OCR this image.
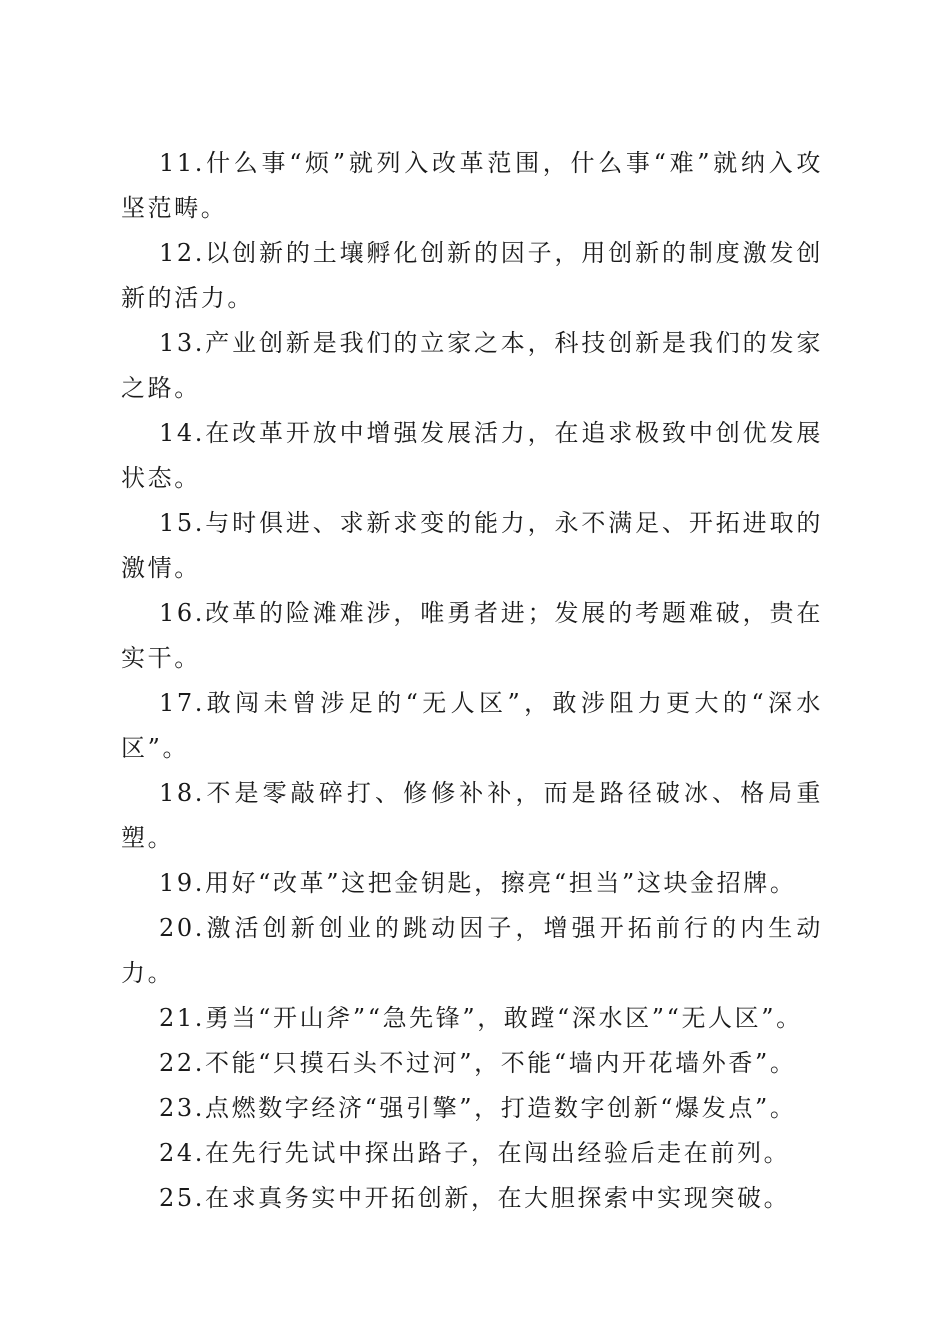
11.什么事“烦”就列入改革范围，什么事“难”就纳入攻坚范畴。

12.以创新的土壤孵化创新的因子，用创新的制度激发创新的活力。

13.产业创新是我们的立家之本，科技创新是我们的发家之路。

14.在改革开放中增强发展活力，在追求极致中创优发展状态。

15.与时俱进、求新求变的能力，永不满足、开拓进取的激情。

16.改革的险滩难涉，唯勇者进；发展的考题难破，贵在实干。

17.敢闯未曾涉足的“无人区”，敢涉阻力更大的“深水区”。

18.不是零敲碎打、修修补补，而是路径破冰、格局重塑。

19.用好“改革”这把金钥匙，擦亮“担当”这块金招牌。

20.激活创新创业的跳动因子，增强开拓前行的内生动力。

21.勇当“开山斧”“急先锋”，敢蹚“深水区”“无人区”。

22.不能“只摸石头不过河”，不能“墙内开花墙外香”。

23.点燃数字经济“强引擎”，打造数字创新“爆发点”。

24.在先行先试中探出路子，在闯出经验后走在前列。

25.在求真务实中开拓创新，在大胆探索中实现突破。
